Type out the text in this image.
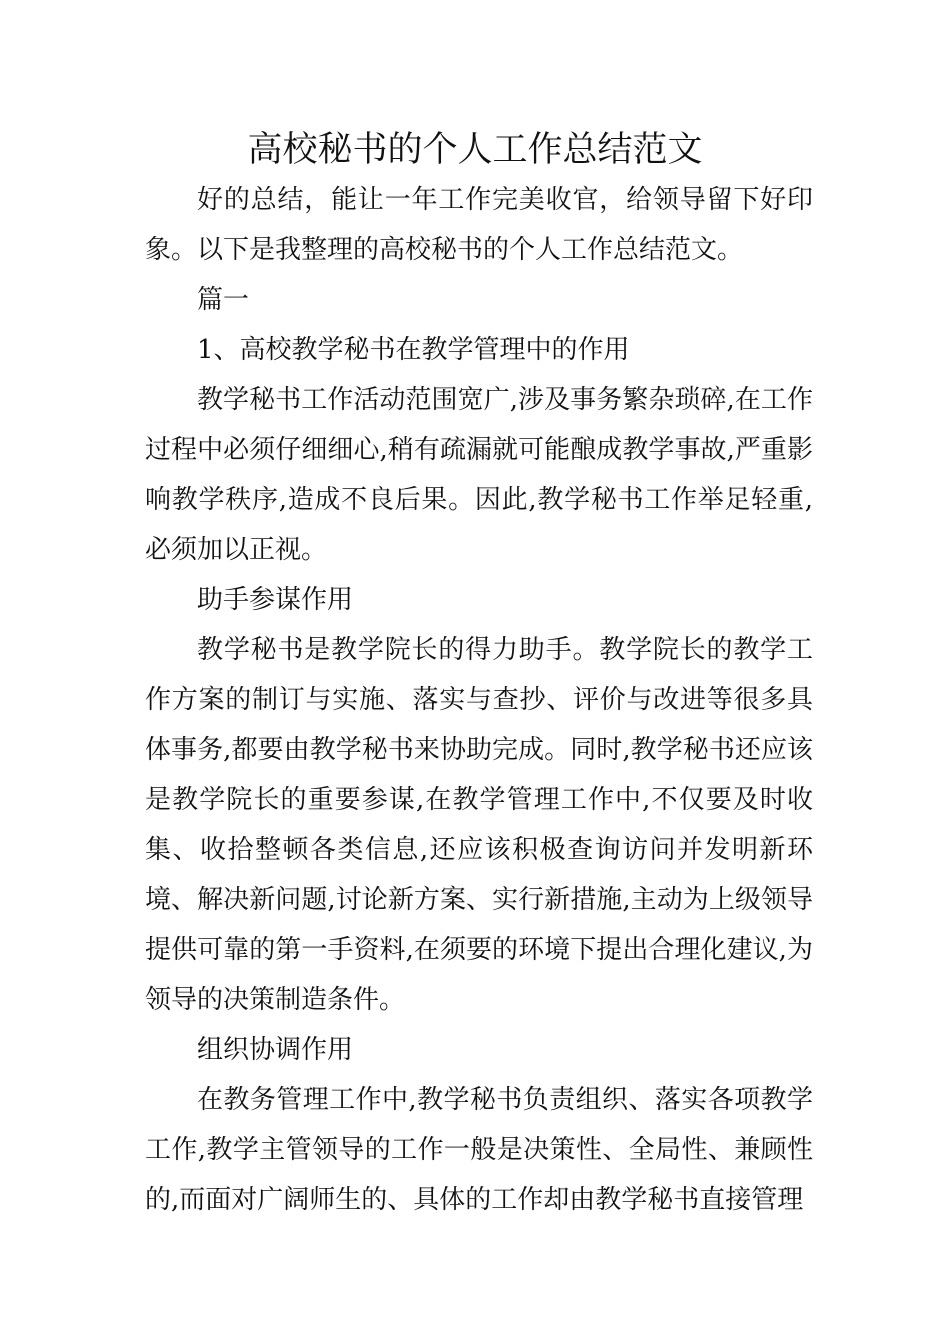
高校秘书的个人工作总结范文

好的总结，能让一年工作完美收官，给领导留下好印象。以下是我整理的高校秘书的个人工作总结范文。

篇一

1、高校教学秘书在教学管理中的作用

教学秘书工作活动范围宽广,涉及事务繁杂琐碎,在工作过程中必须仔细细心,稍有疏漏就可能酿成教学事故,严重影响教学秩序,造成不良后果。因此,教学秘书工作举足轻重,必须加以正视。

助手参谋作用

教学秘书是教学院长的得力助手。教学院长的教学工作方案的制订与实施、落实与查抄、评价与改进等很多具体事务,都要由教学秘书来协助完成。同时,教学秘书还应该是教学院长的重要参谋,在教学管理工作中,不仅要及时收集、收拾整顿各类信息,还应该积极查询访问并发明新环境、解决新问题,讨论新方案、实行新措施,主动为上级领导提供可靠的第一手资料,在须要的环境下提出合理化建议,为领导的决策制造条件。

组织协调作用

在教务管理工作中,教学秘书负责组织、落实各项教学工作,教学主管领导的工作一般是决策性、全局性、兼顾性的,而面对广阔师生的、具体的工作却由教学秘书直接管理
